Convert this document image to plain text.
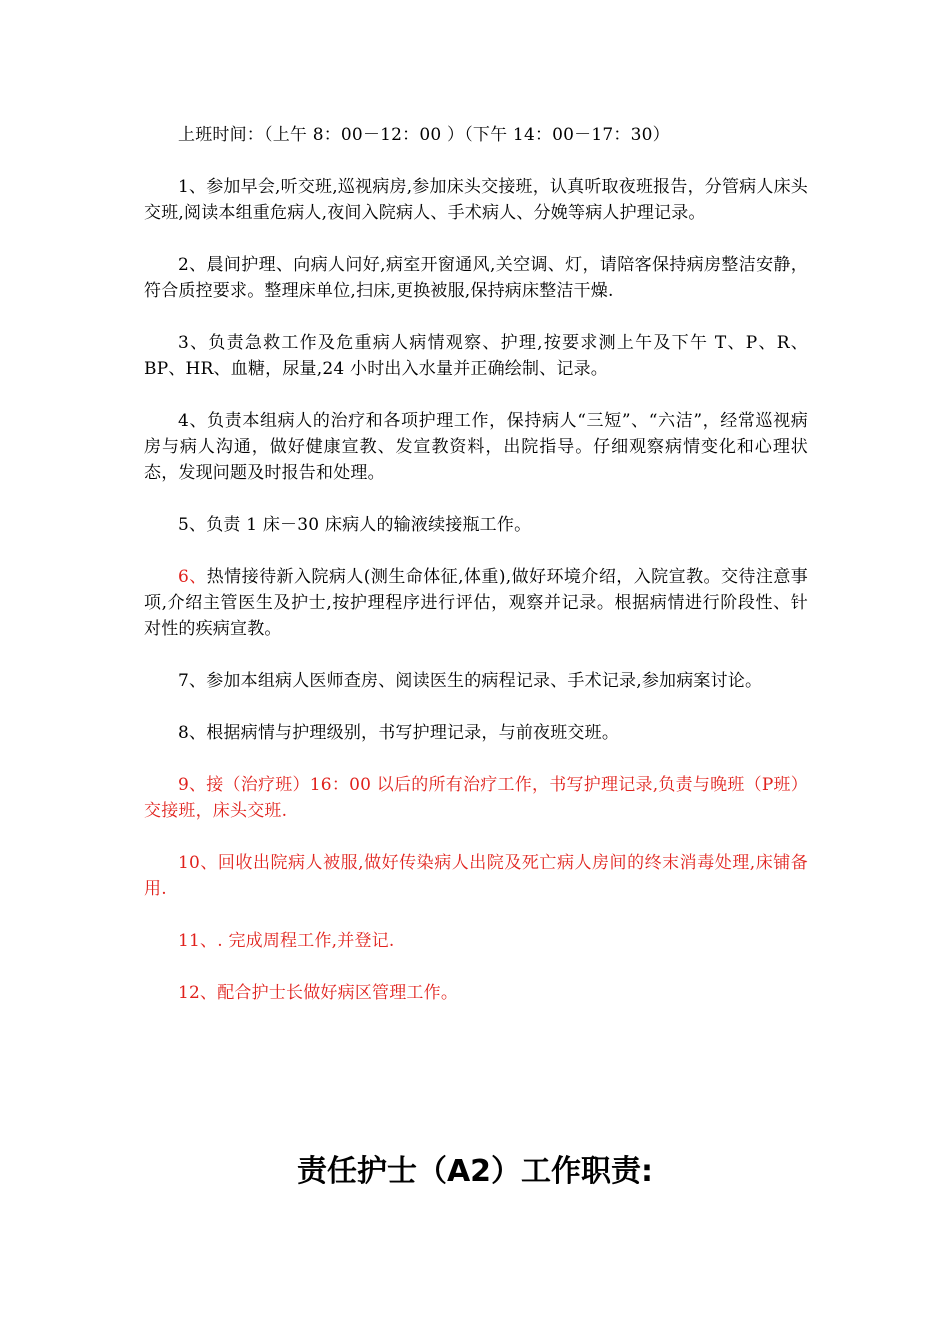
上班时间：（上午 8：00－12：00 ）（下午 14：00－17：30）

1、参加早会,听交班,巡视病房,参加床头交接班，认真听取夜班报告，分管病人床头交班,阅读本组重危病人,夜间入院病人、手术病人、分娩等病人护理记录。

2、晨间护理、向病人问好,病室开窗通风,关空调、灯，请陪客保持病房整洁安静，符合质控要求。整理床单位,扫床,更换被服,保持病床整洁干燥.

3、负责急救工作及危重病人病情观察、护理,按要求测上午及下午 T、P、R、BP、HR、血糖，尿量,24 小时出入水量并正确绘制、记录。

4、负责本组病人的治疗和各项护理工作，保持病人“三短”、“六洁”，经常巡视病房与病人沟通，做好健康宣教、发宣教资料，出院指导。仔细观察病情变化和心理状态，发现问题及时报告和处理。

5、负责 1 床－30 床病人的输液续接瓶工作。

6、热情接待新入院病人(测生命体征,体重),做好环境介绍，入院宣教。交待注意事项,介绍主管医生及护士,按护理程序进行评估，观察并记录。根据病情进行阶段性、针对性的疾病宣教。

7、参加本组病人医师查房、阅读医生的病程记录、手术记录,参加病案讨论。

8、根据病情与护理级别，书写护理记录，与前夜班交班。

9、接（治疗班）16：00 以后的所有治疗工作，书写护理记录,负责与晚班（P班）交接班，床头交班.

10、回收出院病人被服,做好传染病人出院及死亡病人房间的终末消毒处理,床铺备用.

11、. 完成周程工作,并登记.

12、配合护士长做好病区管理工作。

责任护士（A2）工作职责:
